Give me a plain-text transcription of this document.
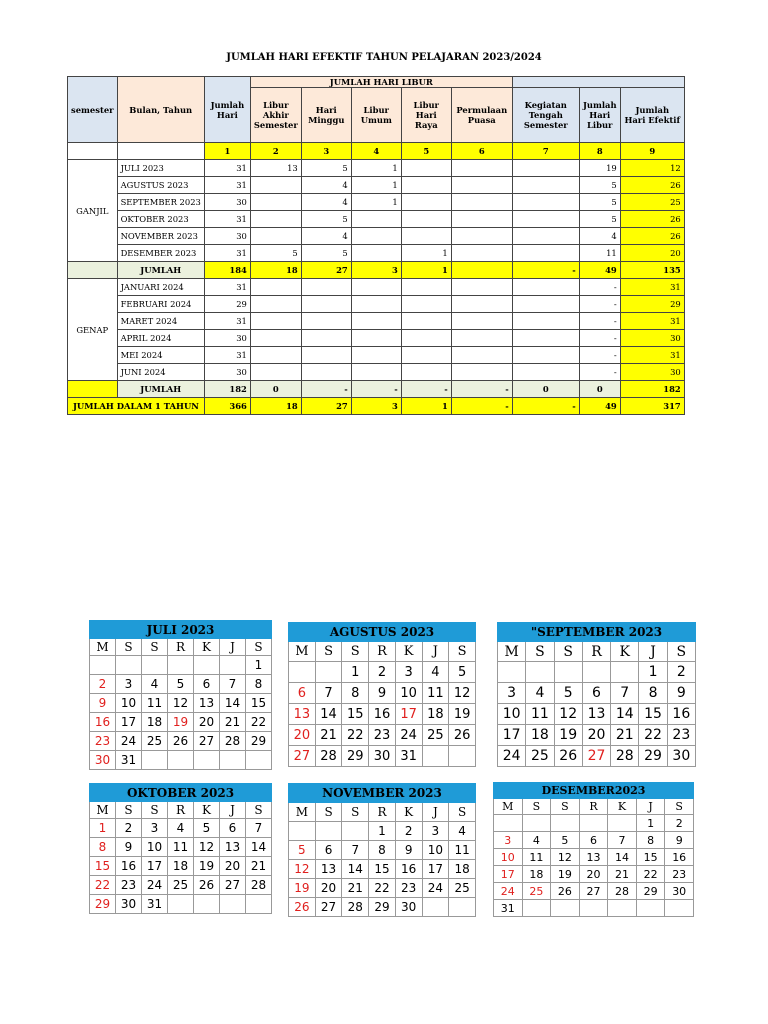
JUMLAH HARI EFEKTIF TAHUN PELAJARAN 2023/2024
semester	Bulan, Tahun	Jumlah Hari	JUMLAH HARI LIBUR							
			Libur Akhir Semester	Hari Minggu	Libur Umum	Libur Hari Raya	Permulaan Puasa	Kegiatan Tengah Semester	Jumlah Hari Libur	Jumlah Hari Efektif
		1	2	3	4	5	6	7	8	9
GANJIL	JULI 2023	31	13	5	1				19	12
	AGUSTUS 2023	31		4	1				5	26
	SEPTEMBER 2023	30		4	1				5	25
	OKTOBER 2023	31		5					5	26
	NOVEMBER 2023	30		4					4	26
	DESEMBER 2023	31	5	5		1			11	20
	JUMLAH	184	18	27	3	1		-	49	135
GENAP	JANUARI 2024	31							-	31
	FEBRUARI 2024	29							-	29
	MARET 2024	31							-	31
	APRIL 2024	30							-	30
	MEI 2024	31							-	31
	JUNI 2024	30							-	30
	JUMLAH	182	0	-	-	-	-	0	0	182
JUMLAH DALAM 1 TAHUN		366	18	27	3	1	-	-	49	317
JULI 2023						
M	S	S	R	K	J	S
						1
2	3	4	5	6	7	8
9	10	11	12	13	14	15
16	17	18	19	20	21	22
23	24	25	26	27	28	29
30	31					
AGUSTUS 2023						
M	S	S	R	K	J	S
		1	2	3	4	5
6	7	8	9	10	11	12
13	14	15	16	17	18	19
20	21	22	23	24	25	26
27	28	29	30	31		
"SEPTEMBER 2023						
M	S	S	R	K	J	S
					1	2
3	4	5	6	7	8	9
10	11	12	13	14	15	16
17	18	19	20	21	22	23
24	25	26	27	28	29	30
OKTOBER 2023						
M	S	S	R	K	J	S
1	2	3	4	5	6	7
8	9	10	11	12	13	14
15	16	17	18	19	20	21
22	23	24	25	26	27	28
29	30	31				
NOVEMBER 2023						
M	S	S	R	K	J	S
			1	2	3	4
5	6	7	8	9	10	11
12	13	14	15	16	17	18
19	20	21	22	23	24	25
26	27	28	29	30		
DESEMBER2023						
M	S	S	R	K	J	S
					1	2
3	4	5	6	7	8	9
10	11	12	13	14	15	16
17	18	19	20	21	22	23
24	25	26	27	28	29	30
31						
